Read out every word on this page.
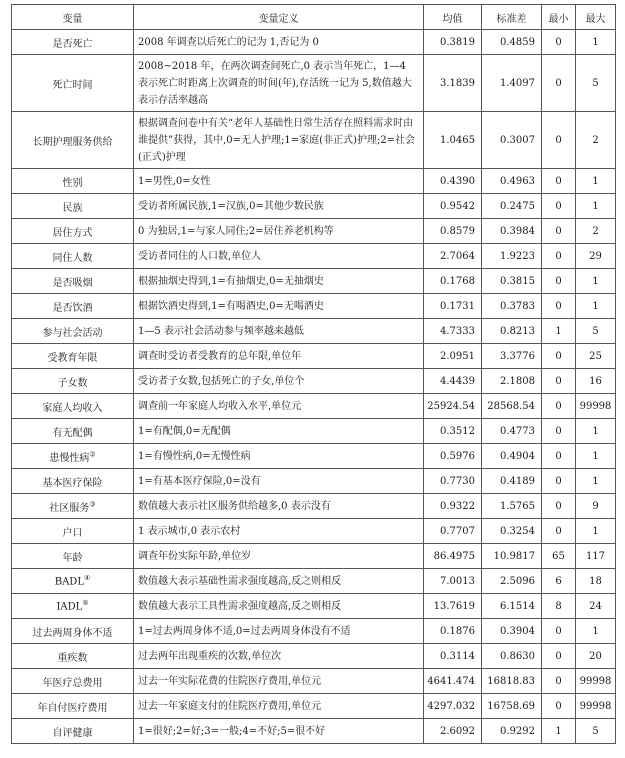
变量	变量定义	均值	标准差	最小	最大
是否死亡	2008 年调查以后死亡的记为 1,否记为 0	0.3819	0.4859	0	1
死亡时间	2008~2018 年，在两次调查间死亡,0 表示当年死亡，1—4 表示死亡时距离上次调查的时间(年),存活统一记为 5,数值越大表示存活率越高	3.1839	1.4097	0	5
长期护理服务供给	根据调查问卷中有关“老年人基础性日常生活存在照料需求时由谁提供”获得，其中,0=无人护理;1=家庭(非正式)护理;2=社会(正式)护理	1.0465	0.3007	0	2
性别	1=男性,0=女性	0.4390	0.4963	0	1
民族	受访者所属民族,1=汉族,0=其他少数民族	0.9542	0.2475	0	1
居住方式	0 为独居,1=与家人同住;2=居住养老机构等	0.8579	0.3984	0	2
同住人数	受访者同住的人口数,单位人	2.7064	1.9223	0	29
是否吸烟	根据抽烟史得到,1=有抽烟史,0=无抽烟史	0.1768	0.3815	0	1
是否饮酒	根据饮酒史得到,1=有喝酒史,0=无喝酒史	0.1731	0.3783	0	1
参与社会活动	1—5 表示社会活动参与频率越来越低	4.7333	0.8213	1	5
受教育年限	调查时受访者受教育的总年限,单位年	2.0951	3.3776	0	25
子女数	受访者子女数,包括死亡的子女,单位个	4.4439	2.1808	0	16
家庭人均收入	调查前一年家庭人均收入水平,单位元	25924.54	28568.54	0	99998
有无配偶	1=有配偶,0=无配偶	0.3512	0.4773	0	1
患慢性病②	1=有慢性病,0=无慢性病	0.5976	0.4904	0	1
基本医疗保险	1=有基本医疗保险,0=没有	0.7730	0.4189	0	1
社区服务③	数值越大表示社区服务供给越多,0 表示没有	0.9322	1.5765	0	9
户口	1 表示城市,0 表示农村	0.7707	0.3254	0	1
年龄	调查年份实际年龄,单位岁	86.4975	10.9817	65	117
BADL④	数值越大表示基础性需求强度越高,反之则相反	7.0013	2.5096	6	18
IADL⑤	数值越大表示工具性需求强度越高,反之则相反	13.7619	6.1514	8	24
过去两周身体不适	1=过去两周身体不适,0=过去两周身体没有不适	0.1876	0.3904	0	1
重疾数	过去两年出现重疾的次数,单位次	0.3114	0.8630	0	20
年医疗总费用	过去一年实际花费的住院医疗费用,单位元	4641.474	16818.83	0	99998
年自付医疗费用	过去一年家庭支付的住院医疗费用,单位元	4297.032	16758.69	0	99998
自评健康	1=很好;2=好;3=一般;4=不好;5=很不好	2.6092	0.9292	1	5
